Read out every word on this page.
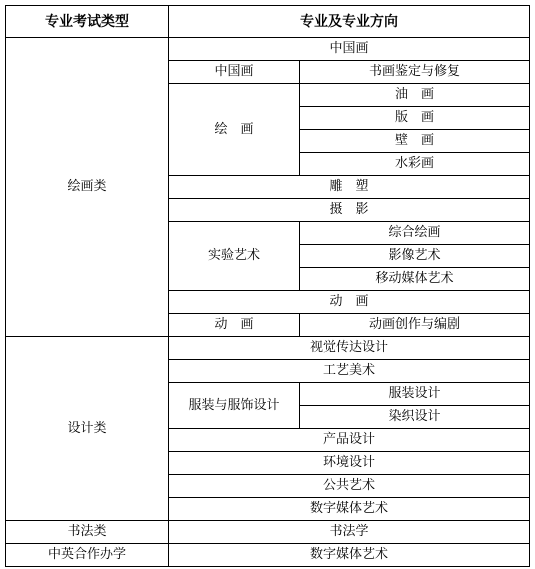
专业考试类型	专业及专业方向	
绘画类	中国画	
	中国画	书画鉴定与修复
	绘　画	油　画
		版　画
		壁　画
		水彩画
	雕　塑	
	摄　影	
	实验艺术	综合绘画
		影像艺术
		移动媒体艺术
	动　画	
	动　画	动画创作与编剧
设计类	视觉传达设计	
	工艺美术	
	服装与服饰设计	服装设计
		染织设计
	产品设计	
	环境设计	
	公共艺术	
	数字媒体艺术	
书法类	书法学	
中英合作办学	数字媒体艺术	
